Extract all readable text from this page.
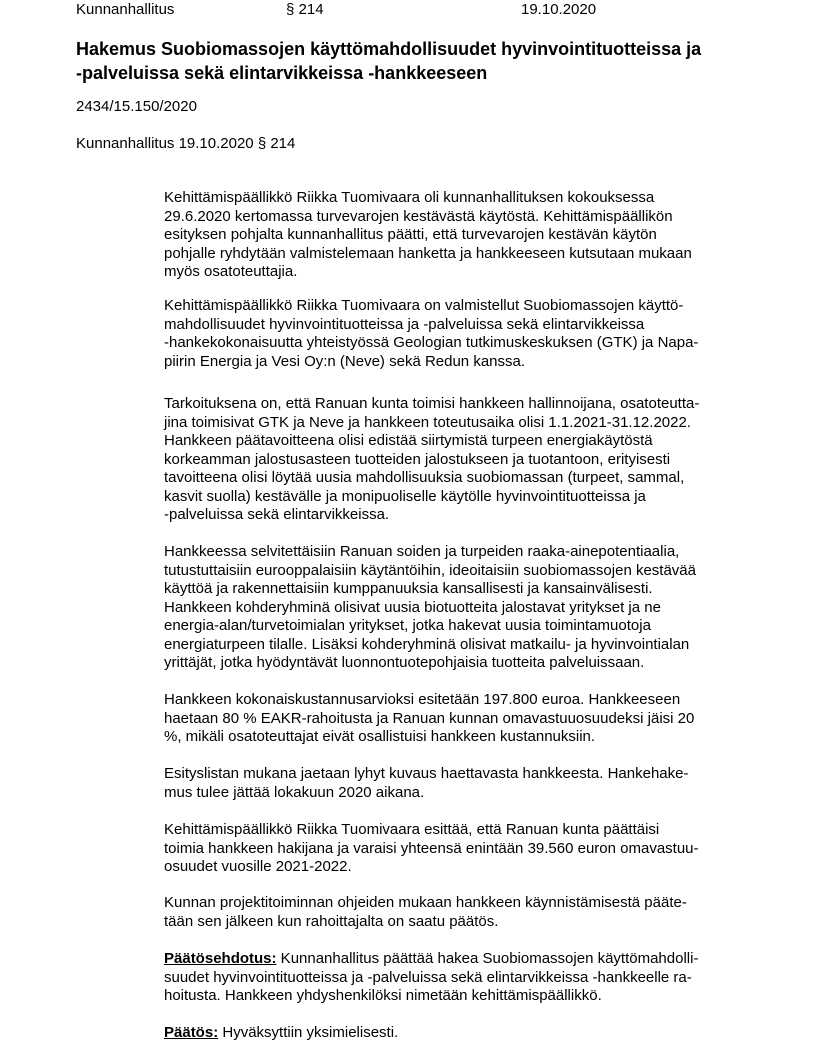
Kunnanhallitus	§ 214	19.10.2020
Hakemus Suobiomassojen käyttömahdollisuudet hyvinvointituotteissa ja
-palveluissa sekä elintarvikkeissa -hankkeeseen
2434/15.150/2020
Kunnanhallitus 19.10.2020 § 214
Kehittämispäällikkö Riikka Tuomivaara oli kunnanhallituksen kokouksessa
29.6.2020 kertomassa turvevarojen kestävästä käytöstä. Kehittämispäällikön
esityksen pohjalta kunnanhallitus päätti, että turvevarojen kestävän käytön
pohjalle ryhdytään valmistelemaan hanketta ja hankkeeseen kutsutaan mukaan
myös osatoteuttajia.
Kehittämispäällikkö Riikka Tuomivaara on valmistellut Suobiomassojen käyttö-
mahdollisuudet hyvinvointituotteissa ja -palveluissa sekä elintarvikkeissa
-hankekokonaisuutta yhteistyössä Geologian tutkimuskeskuksen (GTK) ja Napa-
piirin Energia ja Vesi Oy:n (Neve) sekä Redun kanssa.
Tarkoituksena on, että Ranuan kunta toimisi hankkeen hallinnoijana, osatoteutta-
jina toimisivat GTK ja Neve ja hankkeen toteutusaika olisi 1.1.2021-31.12.2022.
Hankkeen päätavoitteena olisi edistää siirtymistä turpeen energiakäytöstä
korkeamman jalostusasteen tuotteiden jalostukseen ja tuotantoon, erityisesti
tavoitteena olisi löytää uusia mahdollisuuksia suobiomassan (turpeet, sammal,
kasvit suolla) kestävälle ja monipuoliselle käytölle hyvinvointituotteissa ja
-palveluissa sekä elintarvikkeissa.
Hankkeessa selvitettäisiin Ranuan soiden ja turpeiden raaka-ainepotentiaalia,
tutustuttaisiin eurooppalaisiin käytäntöihin, ideoitaisiin suobiomassojen kestävää
käyttöä ja rakennettaisiin kumppanuuksia kansallisesti ja kansainvälisesti.
Hankkeen kohderyhminä olisivat uusia biotuotteita jalostavat yritykset ja ne
energia-alan/turvetoimialan yritykset, jotka hakevat uusia toimintamuotoja
energiaturpeen tilalle. Lisäksi kohderyhminä olisivat matkailu- ja hyvinvointialan
yrittäjät, jotka hyödyntävät luonnontuotepohjaisia tuotteita palveluissaan.
Hankkeen kokonaiskustannusarvioksi esitetään 197.800 euroa. Hankkeeseen
haetaan 80 % EAKR-rahoitusta ja Ranuan kunnan omavastuuosuudeksi jäisi 20
%, mikäli osatoteuttajat eivät osallistuisi hankkeen kustannuksiin.
Esityslistan mukana jaetaan lyhyt kuvaus haettavasta hankkeesta. Hankehake-
mus tulee jättää lokakuun 2020 aikana.
Kehittämispäällikkö Riikka Tuomivaara esittää, että Ranuan kunta päättäisi
toimia hankkeen hakijana ja varaisi yhteensä enintään 39.560 euron omavastuu-
osuudet vuosille 2021-2022.
Kunnan projektitoiminnan ohjeiden mukaan hankkeen käynnistämisestä pääte-
tään sen jälkeen kun rahoittajalta on saatu päätös.
Päätösehdotus: Kunnanhallitus päättää hakea Suobiomassojen käyttömahdolli-
suudet hyvinvointituotteissa ja -palveluissa sekä elintarvikkeissa -hankkeelle ra-
hoitusta. Hankkeen yhdyshenkilöksi nimetään kehittämispäällikkö.
Päätös: Hyväksyttiin yksimielisesti.
